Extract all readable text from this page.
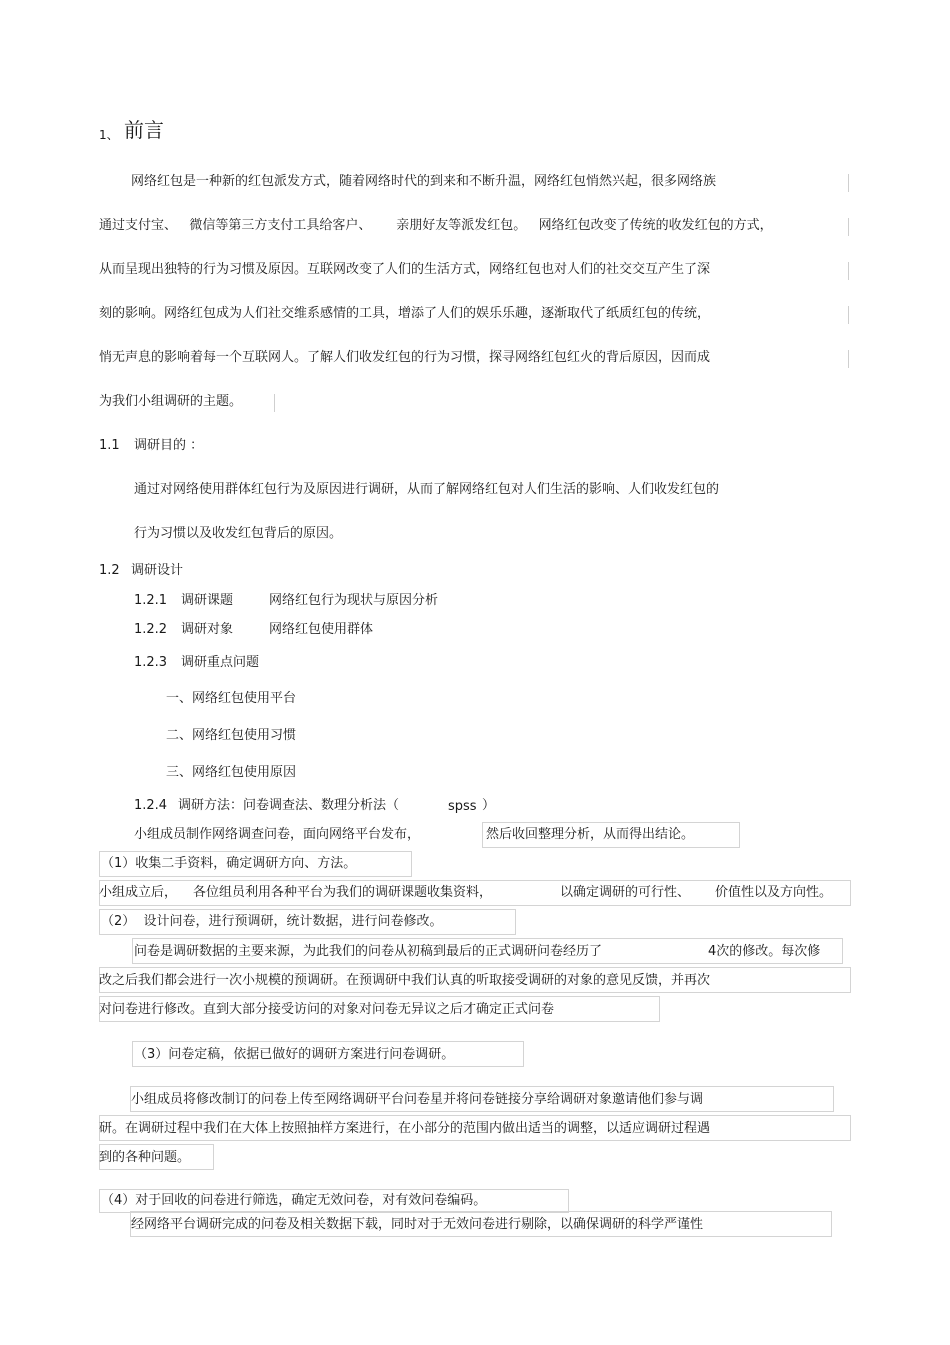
1、 前言
网络红包是一种新的红包派发方式，随着网络时代的到来和不断升温，网络红包悄然兴起，很多网络族
通过支付宝、   微信等第三方支付工具给客户、      亲朋好友等派发红包。   网络红包改变了传统的收发红包的方式，
从而呈现出独特的行为习惯及原因。互联网改变了人们的生活方式，网络红包也对人们的社交交互产生了深
刻的影响。网络红包成为人们社交维系感情的工具，增添了人们的娱乐乐趣，逐渐取代了纸质红包的传统，
悄无声息的影响着每一个互联网人。了解人们收发红包的行为习惯，探寻网络红包红火的背后原因，因而成
为我们小组调研的主题。
1.1 调研目的 ：
通过对网络使用群体红包行为及原因进行调研，从而了解网络红包对人们生活的影响、人们收发红包的
行为习惯以及收发红包背后的原因。
1.2 调研设计
1.2.1 调研课题	网络红包行为现状与原因分析
1.2.2 调研对象	网络红包使用群体
1.2.3 调研重点问题
一、网络红包使用平台
二、网络红包使用习惯
三、网络红包使用原因
1.2.4 调研方法：问卷调查法、数理分析法（	spss ）
小组成员制作网络调查问卷，面向网络平台发布，	然后收回整理分析，从而得出结论。
（1）收集二手资料，确定调研方向、方法。
小组成立后， 各位组员利用各种平台为我们的调研课题收集资料，	以确定调研的可行性、 价值性以及方向性。
（2）  设计问卷，进行预调研，统计数据，进行问卷修改。
问卷是调研数据的主要来源，为此我们的问卷从初稿到最后的正式调研问卷经历了	4次的修改。每次修
改之后我们都会进行一次小规模的预调研。在预调研中我们认真的听取接受调研的对象的意见反馈，并再次
对问卷进行修改。直到大部分接受访问的对象对问卷无异议之后才确定正式问卷
（3）问卷定稿，依据已做好的调研方案进行问卷调研。
小组成员将修改制订的问卷上传至网络调研平台问卷星并将问卷链接分享给调研对象邀请他们参与调
研。在调研过程中我们在大体上按照抽样方案进行，在小部分的范围内做出适当的调整，以适应调研过程遇
到的各种问题。
（4）对于回收的问卷进行筛选，确定无效问卷，对有效问卷编码。
经网络平台调研完成的问卷及相关数据下载，同时对于无效问卷进行剔除，以确保调研的科学严谨性
